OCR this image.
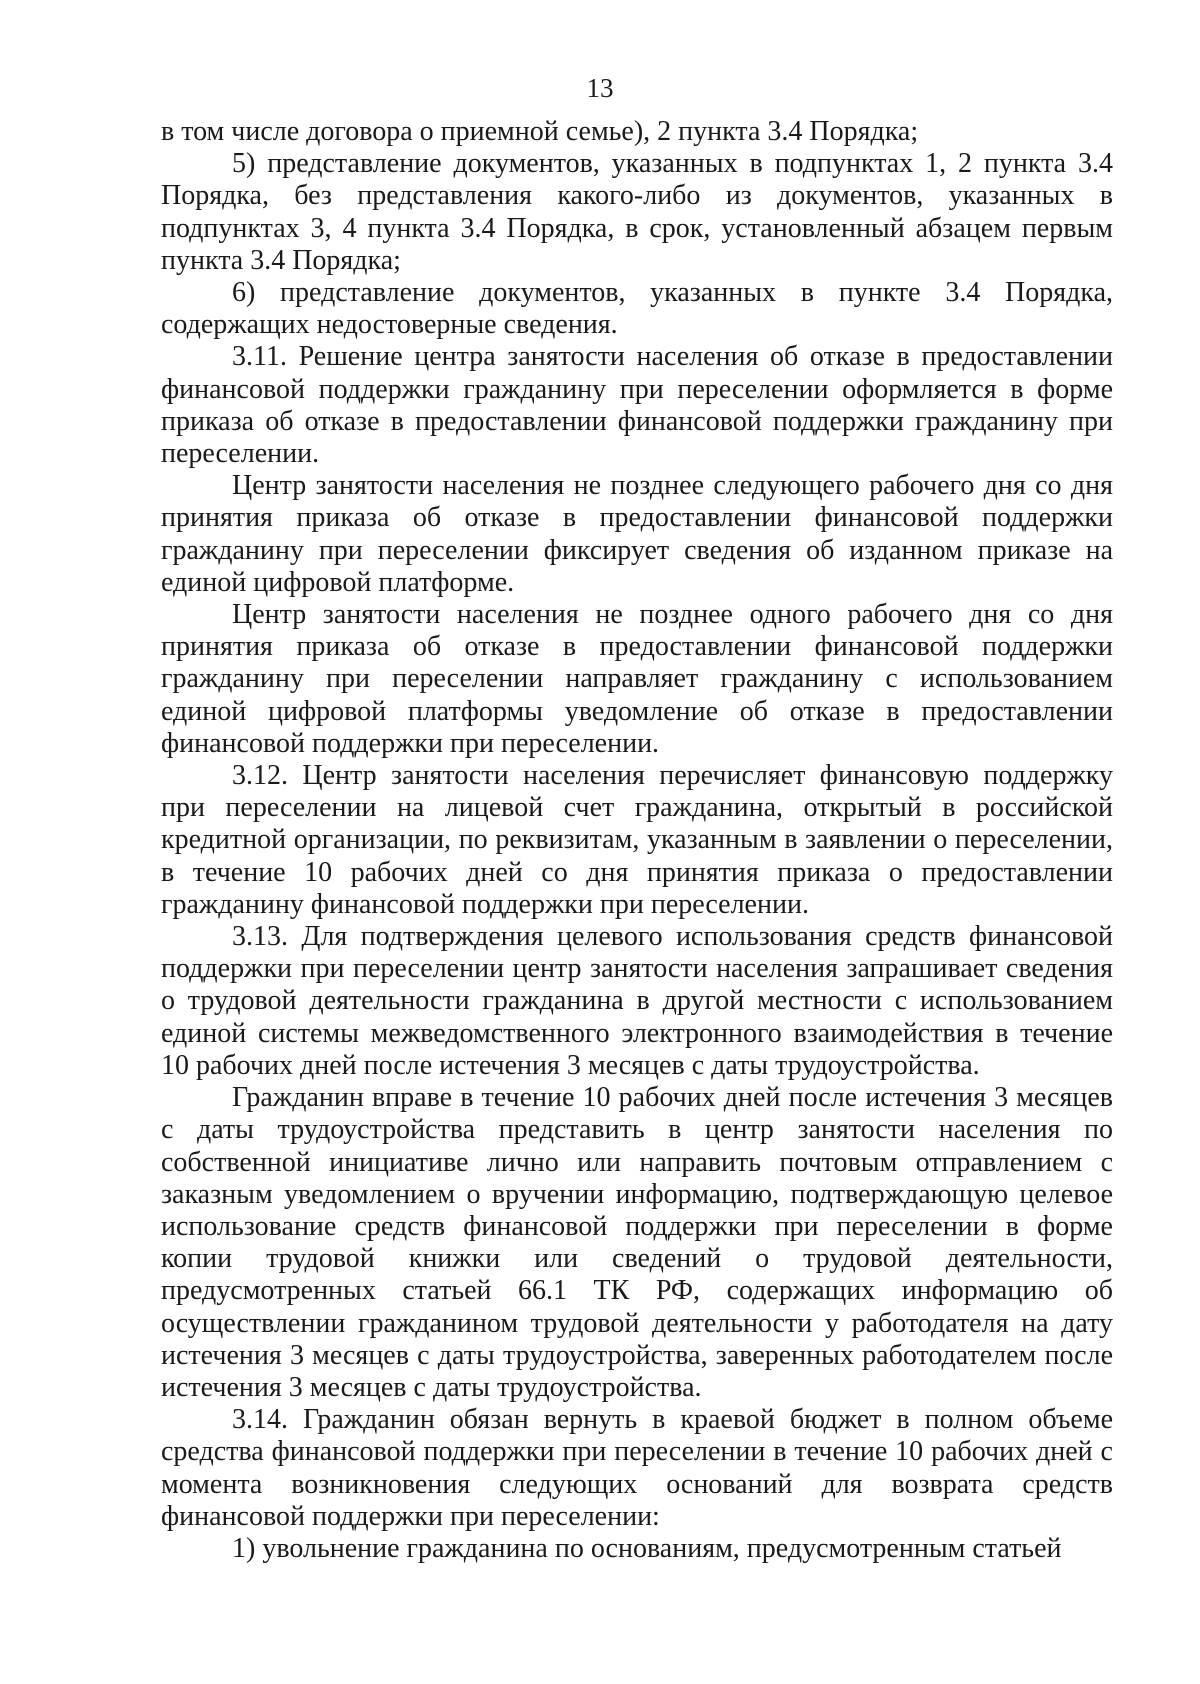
13

в том числе договора о приемной семье), 2 пункта 3.4 Порядка;

5) представление документов, указанных в подпунктах 1, 2 пункта 3.4 Порядка, без представления какого-либо из документов, указанных в подпунктах 3, 4 пункта 3.4 Порядка, в срок, установленный абзацем первым пункта 3.4 Порядка;

6) представление документов, указанных в пункте 3.4 Порядка, содержащих недостоверные сведения.

3.11. Решение центра занятости населения об отказе в предоставлении финансовой поддержки гражданину при переселении оформляется в форме приказа об отказе в предоставлении финансовой поддержки гражданину при переселении.

Центр занятости населения не позднее следующего рабочего дня со дня принятия приказа об отказе в предоставлении финансовой поддержки гражданину при переселении фиксирует сведения об изданном приказе на единой цифровой платформе.

Центр занятости населения не позднее одного рабочего дня со дня принятия приказа об отказе в предоставлении финансовой поддержки гражданину при переселении направляет гражданину с использованием единой цифровой платформы уведомление об отказе в предоставлении финансовой поддержки при переселении.

3.12. Центр занятости населения перечисляет финансовую поддержку при переселении на лицевой счет гражданина, открытый в российской кредитной организации, по реквизитам, указанным в заявлении о переселении, в течение 10 рабочих дней со дня принятия приказа о предоставлении гражданину финансовой поддержки при переселении.

3.13. Для подтверждения целевого использования средств финансовой поддержки при переселении центр занятости населения запрашивает сведения о трудовой деятельности гражданина в другой местности с использованием единой системы межведомственного электронного взаимодействия в течение 10 рабочих дней после истечения 3 месяцев с даты трудоустройства.

Гражданин вправе в течение 10 рабочих дней после истечения 3 месяцев с даты трудоустройства представить в центр занятости населения по собственной инициативе лично или направить почтовым отправлением с заказным уведомлением о вручении информацию, подтверждающую целевое использование средств финансовой поддержки при переселении в форме копии трудовой книжки или сведений о трудовой деятельности, предусмотренных статьей 66.1 ТК РФ, содержащих информацию об осуществлении гражданином трудовой деятельности у работодателя на дату истечения 3 месяцев с даты трудоустройства, заверенных работодателем после истечения 3 месяцев с даты трудоустройства.

3.14. Гражданин обязан вернуть в краевой бюджет в полном объеме средства финансовой поддержки при переселении в течение 10 рабочих дней с момента возникновения следующих оснований для возврата средств финансовой поддержки при переселении:

1) увольнение гражданина по основаниям, предусмотренным статьей
